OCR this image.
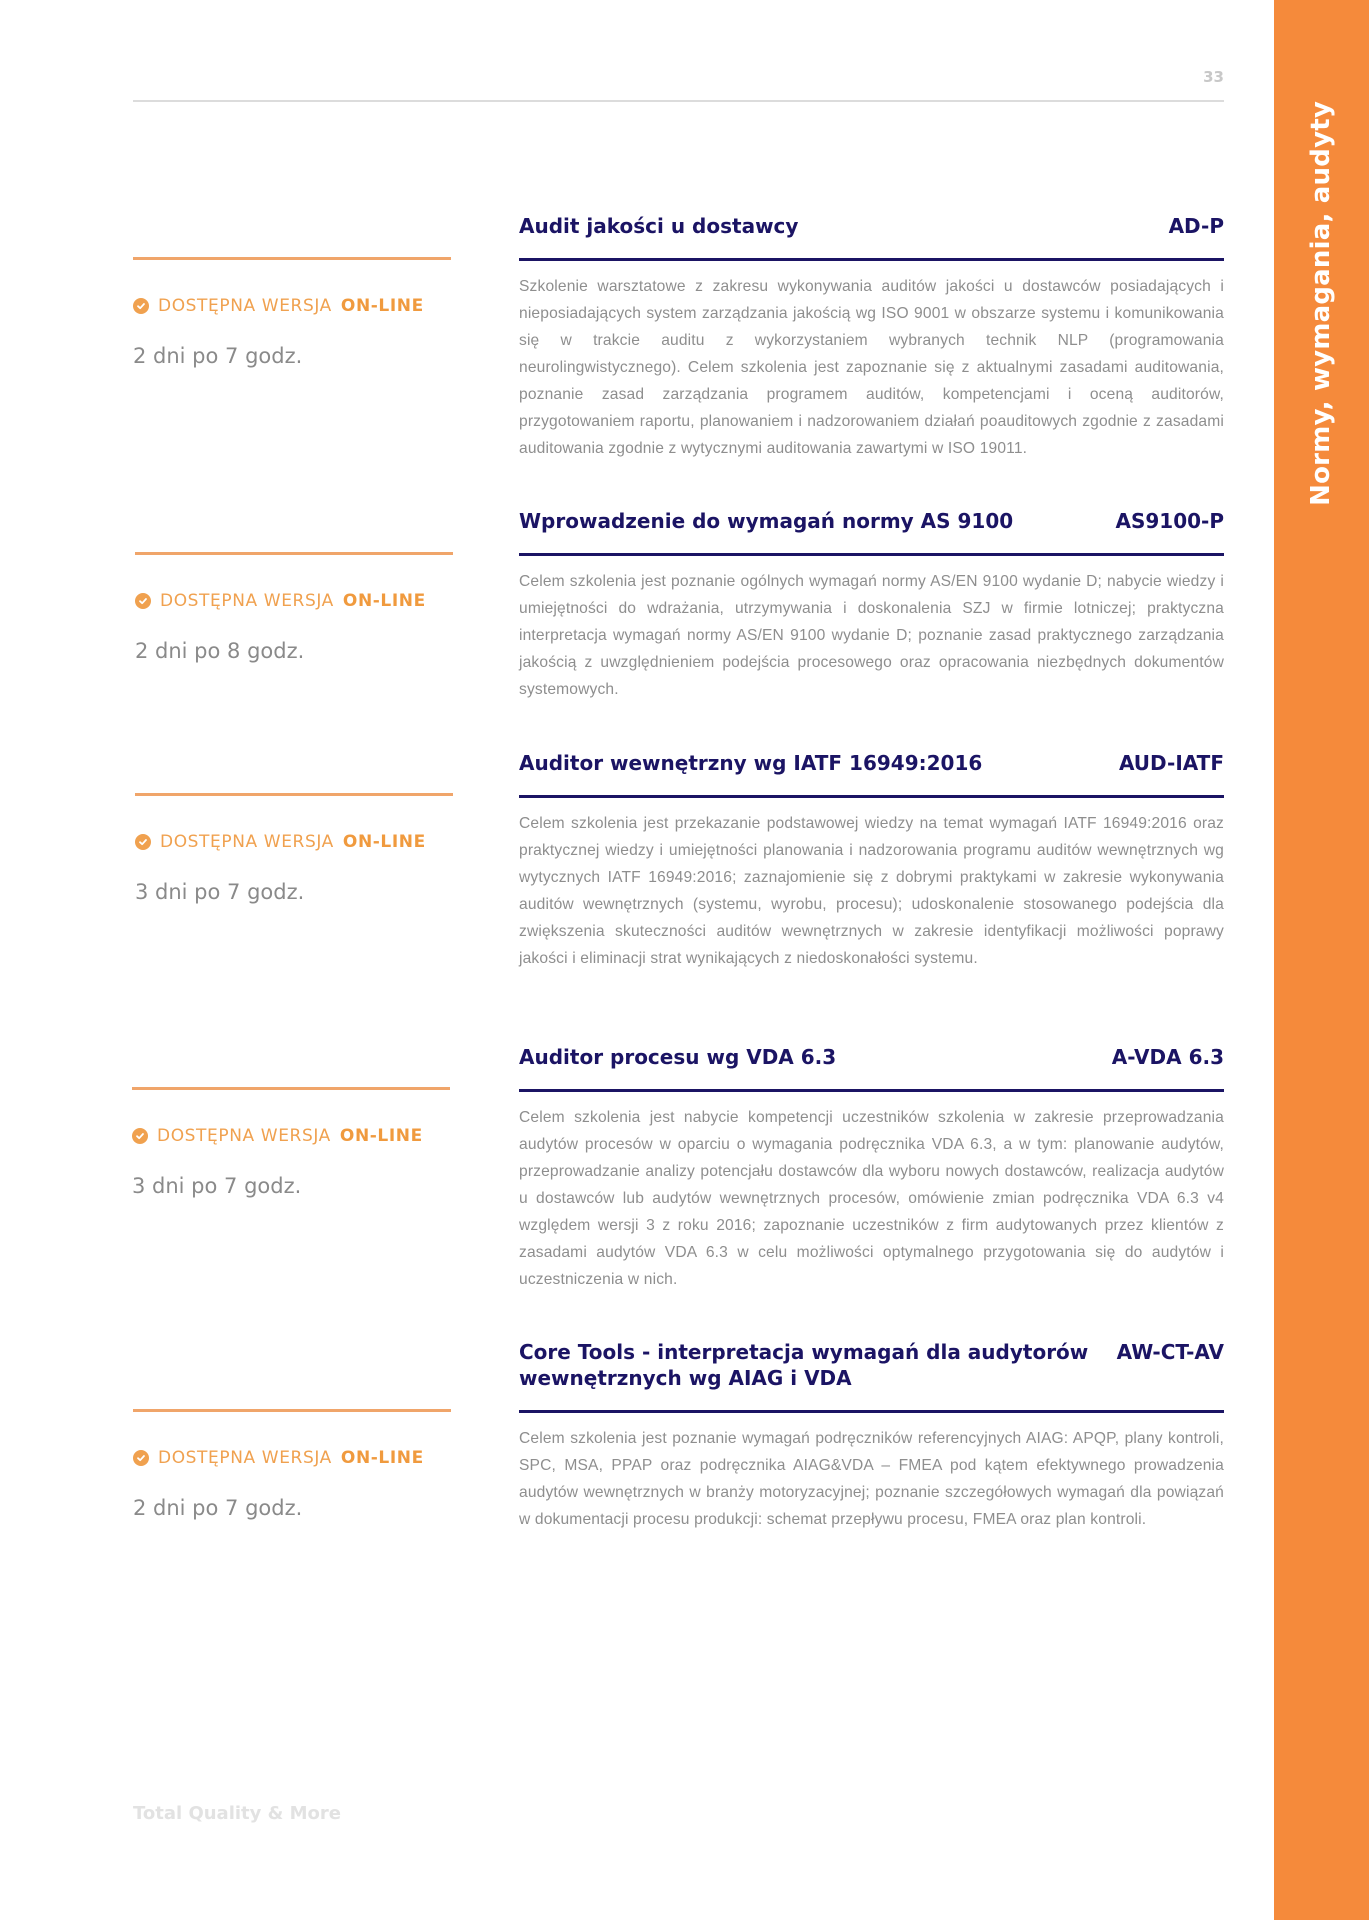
Normy, wymagania, audyty
33
DOSTĘPNA WERSJA ON-LINE
2 dni po 7 godz.
Audit jakości u dostawcy	AD-P
Szkolenie warsztatowe z zakresu wykonywania auditów jakości u dostawców posiadających i nieposiadających system zarządzania jakością wg ISO 9001 w obszarze systemu i komunikowania się w trakcie auditu z wykorzystaniem wybranych technik NLP (programowania neurolingwistycznego). Celem szkolenia jest zapoznanie się z aktualnymi zasadami auditowania, poznanie zasad zarządzania programem auditów, kompetencjami i oceną auditorów, przygotowaniem raportu, planowaniem i nadzorowaniem działań poauditowych zgodnie z zasadami auditowania zgodnie z wytycznymi auditowania zawartymi w ISO 19011.
DOSTĘPNA WERSJA ON-LINE
2 dni po 8 godz.
Wprowadzenie do wymagań normy AS 9100	AS9100-P
Celem szkolenia jest poznanie ogólnych wymagań normy AS/EN 9100 wydanie D; nabycie wiedzy i umiejętności do wdrażania, utrzymywania i doskonalenia SZJ w firmie lotniczej; praktyczna interpretacja wymagań normy AS/EN 9100 wydanie D; poznanie zasad praktycznego zarządzania jakością z uwzględnieniem podejścia procesowego oraz opracowania niezbędnych dokumentów systemowych.
DOSTĘPNA WERSJA ON-LINE
3 dni po 7 godz.
Auditor wewnętrzny wg IATF 16949:2016	AUD-IATF
Celem szkolenia jest przekazanie podstawowej wiedzy na temat wymagań IATF 16949:2016 oraz praktycznej wiedzy i umiejętności planowania i nadzorowania programu auditów wewnętrznych wg wytycznych IATF 16949:2016; zaznajomienie się z dobrymi praktykami w zakresie wykonywania auditów wewnętrznych (systemu, wyrobu, procesu); udoskonalenie stosowanego podejścia dla zwiększenia skuteczności auditów wewnętrznych w zakresie identyfikacji możliwości poprawy jakości i eliminacji strat wynikających z niedoskonałości systemu.
DOSTĘPNA WERSJA ON-LINE
3 dni po 7 godz.
Auditor procesu wg VDA 6.3	A-VDA 6.3
Celem szkolenia jest nabycie kompetencji uczestników szkolenia w zakresie przeprowadzania audytów procesów w oparciu o wymagania podręcznika VDA 6.3, a w tym: planowanie audytów, przeprowadzanie analizy potencjału dostawców dla wyboru nowych dostawców, realizacja audytów u dostawców lub audytów wewnętrznych procesów, omówienie zmian podręcznika VDA 6.3 v4 względem wersji 3 z roku 2016; zapoznanie uczestników z firm audytowanych przez klientów z zasadami audytów VDA 6.3 w celu możliwości optymalnego przygotowania się do audytów i uczestniczenia w nich.
DOSTĘPNA WERSJA ON-LINE
2 dni po 7 godz.
Core Tools - interpretacja wymagań dla audytorów wewnętrznych wg AIAG i VDA
AW-CT-AV
Celem szkolenia jest poznanie wymagań podręczników referencyjnych AIAG: APQP, plany kontroli, SPC, MSA, PPAP oraz podręcznika AIAG&VDA – FMEA pod kątem efektywnego prowadzenia audytów wewnętrznych w branży motoryzacyjnej; poznanie szczegółowych wymagań dla powiązań w dokumentacji procesu produkcji: schemat przepływu procesu, FMEA oraz plan kontroli.
Total Quality & More
